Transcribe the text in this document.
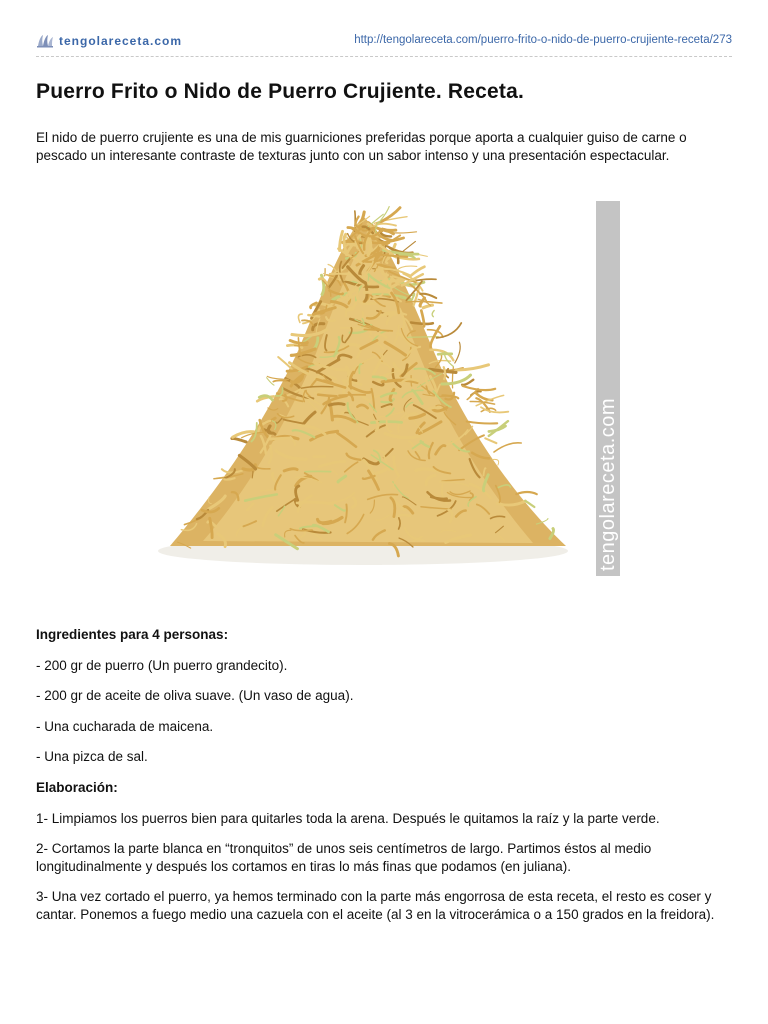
tengolareceta.com	http://tengolareceta.com/puerro-frito-o-nido-de-puerro-crujiente-receta/273
Puerro Frito o Nido de Puerro Crujiente. Receta.

El nido de puerro crujiente es una de mis guarniciones preferidas porque aporta a cualquier guiso de carne o pescado un interesante contraste de texturas junto con un sabor intenso y una presentación espectacular.

tengolareceta.com

Ingredientes para 4 personas:

- 200 gr de puerro (Un puerro grandecito).

- 200 gr de aceite de oliva suave. (Un vaso de agua).

- Una cucharada de maicena.

- Una pizca de sal.

Elaboración:

1- Limpiamos los puerros bien para quitarles toda la arena. Después le quitamos la raíz y la parte verde.

2- Cortamos la parte blanca en “tronquitos” de unos seis centímetros de largo. Partimos éstos al medio longitudinalmente y después los cortamos en tiras lo más finas que podamos (en juliana).

3- Una vez cortado el puerro, ya hemos terminado con la parte más engorrosa de esta receta, el resto es coser y cantar. Ponemos a fuego medio una cazuela con el aceite (al 3 en la vitrocerámica o a 150 grados en la freidora).
